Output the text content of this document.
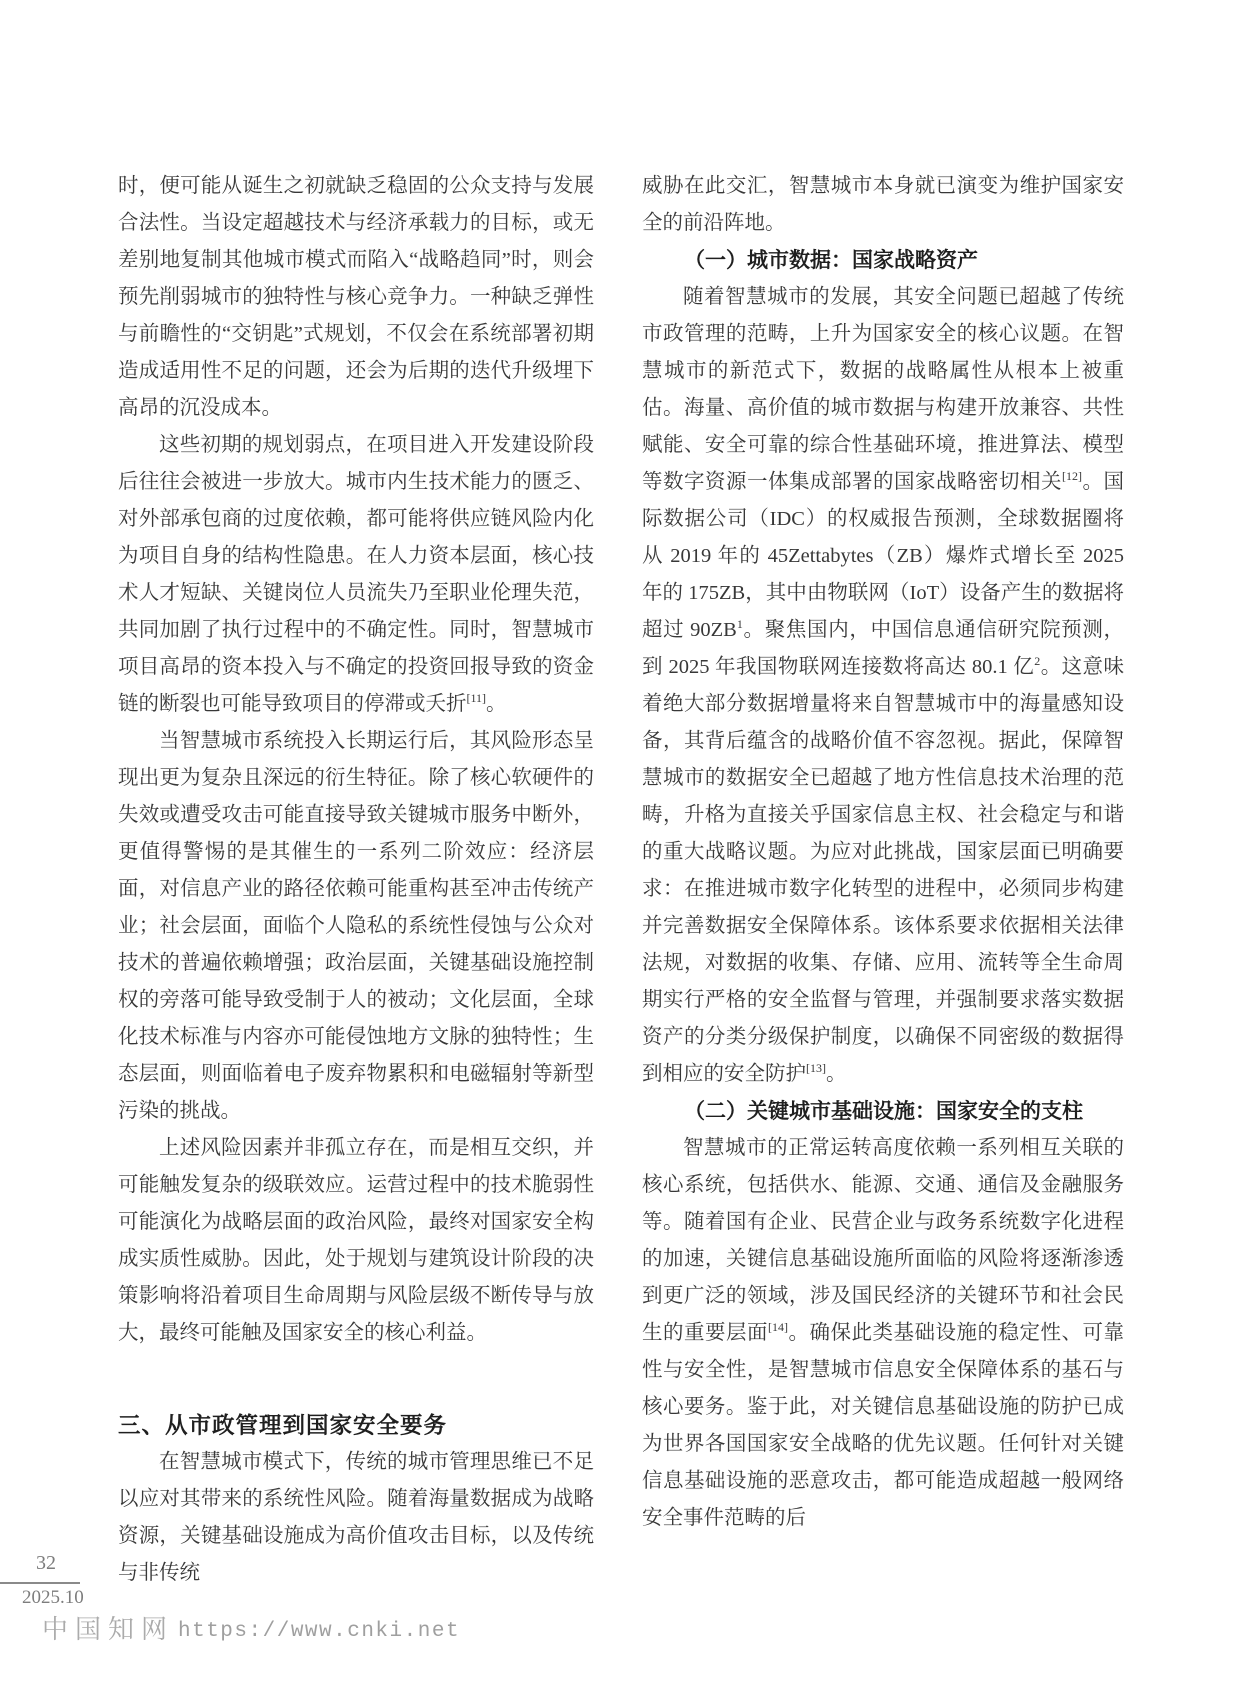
时，便可能从诞生之初就缺乏稳固的公众支持与发展合法性。当设定超越技术与经济承载力的目标，或无差别地复制其他城市模式而陷入“战略趋同”时，则会预先削弱城市的独特性与核心竞争力。一种缺乏弹性与前瞻性的“交钥匙”式规划，不仅会在系统部署初期造成适用性不足的问题，还会为后期的迭代升级埋下高昂的沉没成本。

这些初期的规划弱点，在项目进入开发建设阶段后往往会被进一步放大。城市内生技术能力的匮乏、对外部承包商的过度依赖，都可能将供应链风险内化为项目自身的结构性隐患。在人力资本层面，核心技术人才短缺、关键岗位人员流失乃至职业伦理失范，共同加剧了执行过程中的不确定性。同时，智慧城市项目高昂的资本投入与不确定的投资回报导致的资金链的断裂也可能导致项目的停滞或夭折[11]。

当智慧城市系统投入长期运行后，其风险形态呈现出更为复杂且深远的衍生特征。除了核心软硬件的失效或遭受攻击可能直接导致关键城市服务中断外，更值得警惕的是其催生的一系列二阶效应：经济层面，对信息产业的路径依赖可能重构甚至冲击传统产业；社会层面，面临个人隐私的系统性侵蚀与公众对技术的普遍依赖增强；政治层面，关键基础设施控制权的旁落可能导致受制于人的被动；文化层面，全球化技术标准与内容亦可能侵蚀地方文脉的独特性；生态层面，则面临着电子废弃物累积和电磁辐射等新型污染的挑战。

上述风险因素并非孤立存在，而是相互交织，并可能触发复杂的级联效应。运营过程中的技术脆弱性可能演化为战略层面的政治风险，最终对国家安全构成实质性威胁。因此，处于规划与建筑设计阶段的决策影响将沿着项目生命周期与风险层级不断传导与放大，最终可能触及国家安全的核心利益。

三、从市政管理到国家安全要务

在智慧城市模式下，传统的城市管理思维已不足以应对其带来的系统性风险。随着海量数据成为战略资源，关键基础设施成为高价值攻击目标，以及传统与非传统

威胁在此交汇，智慧城市本身就已演变为维护国家安全的前沿阵地。

（一）城市数据：国家战略资产

随着智慧城市的发展，其安全问题已超越了传统市政管理的范畴，上升为国家安全的核心议题。在智慧城市的新范式下，数据的战略属性从根本上被重估。海量、高价值的城市数据与构建开放兼容、共性赋能、安全可靠的综合性基础环境，推进算法、模型等数字资源一体集成部署的国家战略密切相关[12]。国际数据公司（IDC）的权威报告预测，全球数据圈将从 2019 年的 45Zettabytes（ZB）爆炸式增长至 2025 年的 175ZB，其中由物联网（IoT）设备产生的数据将超过 $90ZB^1$。聚焦国内，中国信息通信研究院预测，到 2025 年我国物联网连接数将高达 80.1 亿$^2$。这意味着绝大部分数据增量将来自智慧城市中的海量感知设备，其背后蕴含的战略价值不容忽视。据此，保障智慧城市的数据安全已超越了地方性信息技术治理的范畴，升格为直接关乎国家信息主权、社会稳定与和谐的重大战略议题。为应对此挑战，国家层面已明确要求：在推进城市数字化转型的进程中，必须同步构建并完善数据安全保障体系。该体系要求依据相关法律法规，对数据的收集、存储、应用、流转等全生命周期实行严格的安全监督与管理，并强制要求落实数据资产的分类分级保护制度，以确保不同密级的数据得到相应的安全防护[13]。

（二）关键城市基础设施：国家安全的支柱

智慧城市的正常运转高度依赖一系列相互关联的核心系统，包括供水、能源、交通、通信及金融服务等。随着国有企业、民营企业与政务系统数字化进程的加速，关键信息基础设施所面临的风险将逐渐渗透到更广泛的领域，涉及国民经济的关键环节和社会民生的重要层面[14]。确保此类基础设施的稳定性、可靠性与安全性，是智慧城市信息安全保障体系的基石与核心要务。鉴于此，对关键信息基础设施的防护已成为世界各国国家安全战略的优先议题。任何针对关键信息基础设施的恶意攻击，都可能造成超越一般网络安全事件范畴的后

32
2025.10
中国知网 https://www.cnki.net
